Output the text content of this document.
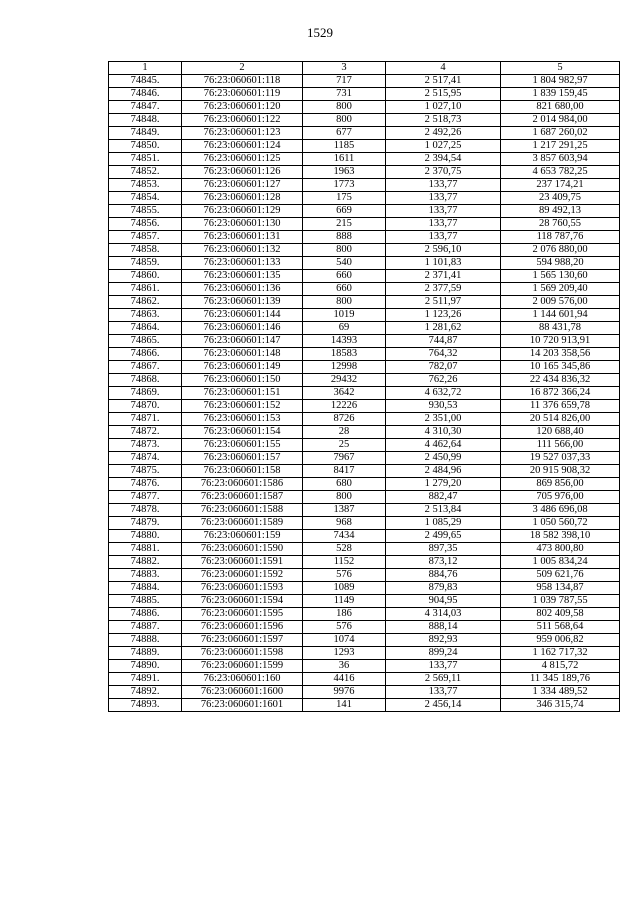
1529
1	2	3	4	5
74845.	76:23:060601:118	717	2 517,41	1 804 982,97
74846.	76:23:060601:119	731	2 515,95	1 839 159,45
74847.	76:23:060601:120	800	1 027,10	821 680,00
74848.	76:23:060601:122	800	2 518,73	2 014 984,00
74849.	76:23:060601:123	677	2 492,26	1 687 260,02
74850.	76:23:060601:124	1185	1 027,25	1 217 291,25
74851.	76:23:060601:125	1611	2 394,54	3 857 603,94
74852.	76:23:060601:126	1963	2 370,75	4 653 782,25
74853.	76:23:060601:127	1773	133,77	237 174,21
74854.	76:23:060601:128	175	133,77	23 409,75
74855.	76:23:060601:129	669	133,77	89 492,13
74856.	76:23:060601:130	215	133,77	28 760,55
74857.	76:23:060601:131	888	133,77	118 787,76
74858.	76:23:060601:132	800	2 596,10	2 076 880,00
74859.	76:23:060601:133	540	1 101,83	594 988,20
74860.	76:23:060601:135	660	2 371,41	1 565 130,60
74861.	76:23:060601:136	660	2 377,59	1 569 209,40
74862.	76:23:060601:139	800	2 511,97	2 009 576,00
74863.	76:23:060601:144	1019	1 123,26	1 144 601,94
74864.	76:23:060601:146	69	1 281,62	88 431,78
74865.	76:23:060601:147	14393	744,87	10 720 913,91
74866.	76:23:060601:148	18583	764,32	14 203 358,56
74867.	76:23:060601:149	12998	782,07	10 165 345,86
74868.	76:23:060601:150	29432	762,26	22 434 836,32
74869.	76:23:060601:151	3642	4 632,72	16 872 366,24
74870.	76:23:060601:152	12226	930,53	11 376 659,78
74871.	76:23:060601:153	8726	2 351,00	20 514 826,00
74872.	76:23:060601:154	28	4 310,30	120 688,40
74873.	76:23:060601:155	25	4 462,64	111 566,00
74874.	76:23:060601:157	7967	2 450,99	19 527 037,33
74875.	76:23:060601:158	8417	2 484,96	20 915 908,32
74876.	76:23:060601:1586	680	1 279,20	869 856,00
74877.	76:23:060601:1587	800	882,47	705 976,00
74878.	76:23:060601:1588	1387	2 513,84	3 486 696,08
74879.	76:23:060601:1589	968	1 085,29	1 050 560,72
74880.	76:23:060601:159	7434	2 499,65	18 582 398,10
74881.	76:23:060601:1590	528	897,35	473 800,80
74882.	76:23:060601:1591	1152	873,12	1 005 834,24
74883.	76:23:060601:1592	576	884,76	509 621,76
74884.	76:23:060601:1593	1089	879,83	958 134,87
74885.	76:23:060601:1594	1149	904,95	1 039 787,55
74886.	76:23:060601:1595	186	4 314,03	802 409,58
74887.	76:23:060601:1596	576	888,14	511 568,64
74888.	76:23:060601:1597	1074	892,93	959 006,82
74889.	76:23:060601:1598	1293	899,24	1 162 717,32
74890.	76:23:060601:1599	36	133,77	4 815,72
74891.	76:23:060601:160	4416	2 569,11	11 345 189,76
74892.	76:23:060601:1600	9976	133,77	1 334 489,52
74893.	76:23:060601:1601	141	2 456,14	346 315,74
